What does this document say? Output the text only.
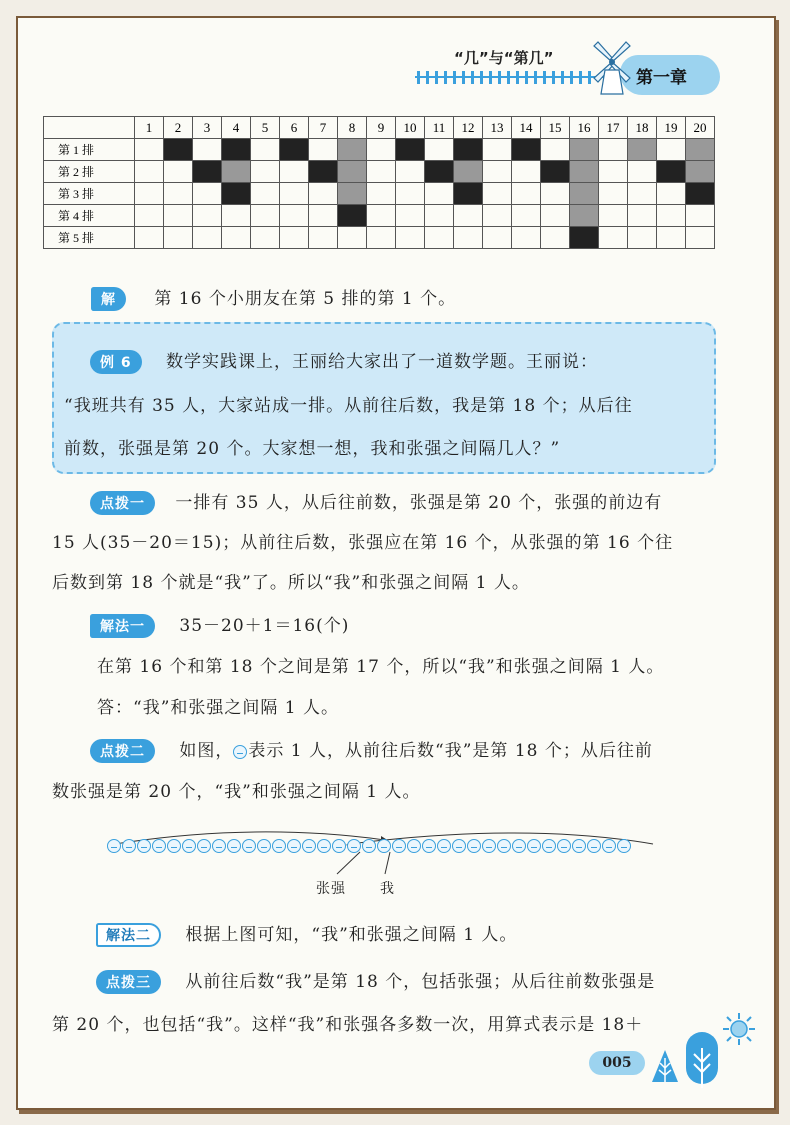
“几”与“第几”
第一章
	1	2	3	4	5	6	7	8	9	10	11	12	13	14	15	16	17	18	19	20
第 1 排																				
第 2 排																				
第 3 排																				
第 4 排																				
第 5 排																				
解 第 16 个小朋友在第 5 排的第 1 个。
例 6 数学实践课上，王丽给大家出了一道数学题。王丽说：
“我班共有 35 人，大家站成一排。从前往后数，我是第 18 个；从后往
前数，张强是第 20 个。大家想一想，我和张强之间隔几人？”
点拨一 一排有 35 人，从后往前数，张强是第 20 个，张强的前边有
15 人(35－20＝15)；从前往后数，张强应在第 16 个，从张强的第 16 个往
后数到第 18 个就是“我”了。所以“我”和张强之间隔 1 人。
解法一 35－20＋1＝16(个)
在第 16 个和第 18 个之间是第 17 个，所以“我”和张强之间隔 1 人。
答：“我”和张强之间隔 1 人。
点拨二 如图， 表示 1 人，从前往后数“我”是第 18 个；从后往前
数张强是第 20 个，“我”和张强之间隔 1 人。
张强 我
解法二 根据上图可知，“我”和张强之间隔 1 人。
点拨三 从前往后数“我”是第 18 个，包括张强；从后往前数张强是
第 20 个，也包括“我”。这样“我”和张强各多数一次，用算式表示是 18＋
005
